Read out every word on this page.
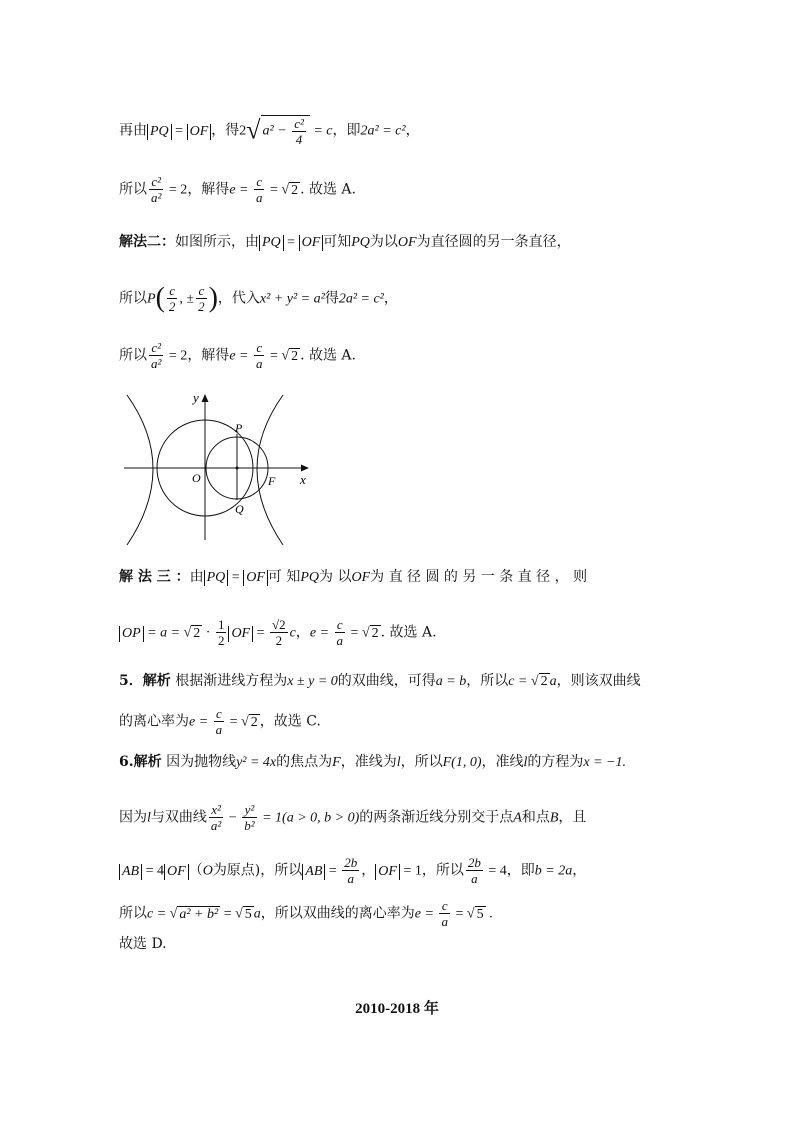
再由 PQ = OF ，得2√ $a^2 - \frac{\text{c²}}{4} = c$，即2a² = c²，
所以 $\frac{\text{c²}}{\text{a²}} = 2$，解得$e = \frac{c}{a}$ = √ 2 . 故选 A.
解法二：如图所示，由 PQ = OF 可知PQ为以OF为直径圆的另一条直径，
所以$P( \frac{c}{2}$ , ± $\frac{c}{2}$ )，代入x² + y² = a²得2a² = c²，
所以 $\frac{\text{c²}}{\text{a²}} = 2$，解得$e = \frac{c}{a}$ = √ 2 . 故选 A.
y
x
P
O
Q
F
解 法 三 ：由 PQ = OF 可 知PQ为 以OF为 直 径 圆 的 另 一 条 直 径 ， 则
OP = a = √ $2 \cdot \frac{1}{2}$ OF = $\frac{√2}{2}$ c，$e = \frac{c}{a}$ = √ 2 . 故选 A.
5．解析 根据渐进线方程为x ± y = 0的双曲线，可得a = b，所以c = √ 2 a，则该双曲线
的离心率为$e = \frac{c}{a}$ = √ 2 ，故选 C.
6.解析 因为抛物线y² = 4x的焦点为F，准线为l，所以F(1, 0)，准线l的方程为x = −1.
因为l与双曲线 $\frac{\text{x²}}{\text{a²}} - \frac{\text{y²}}{\text{b²}} = 1(a > 0$, b > 0)的两条渐近线分别交于点A和点B，且
AB = 4 OF （O为原点)，所以 AB = $\frac{2b}{a}$ ， OF = 1，所以 $\frac{2b}{a} = 4$，即b = 2a，
所以c = √ a² + b² = √ 5 a，所以双曲线的离心率为$e = \frac{c}{a}$ = √ 5 .
故选 D.
2010-2018 年
